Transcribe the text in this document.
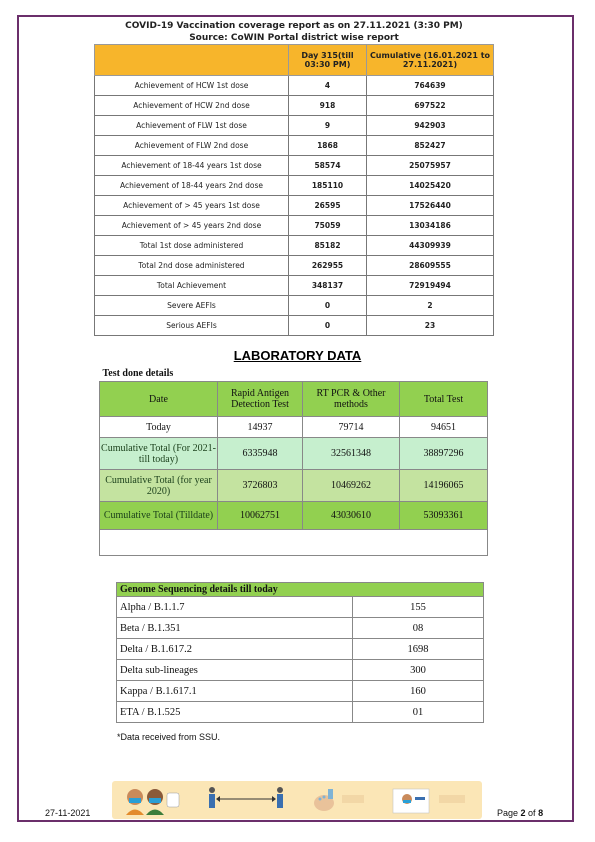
COVID-19 Vaccination coverage report as on 27.11.2021 (3:30 PM)		
Source: CoWIN Portal district wise report		
	Day 315(till 03:30 PM)	Cumulative (16.01.2021 to 27.11.2021)
Achievement of HCW 1st dose	4	764639
Achievement of HCW 2nd dose	918	697522
Achievement of FLW 1st dose	9	942903
Achievement of FLW 2nd dose	1868	852427
Achievement of 18-44 years 1st dose	58574	25075957
Achievement of 18-44 years 2nd dose	185110	14025420
Achievement of > 45 years 1st dose	26595	17526440
Achievement of > 45 years 2nd dose	75059	13034186
Total 1st dose administered	85182	44309939
Total 2nd dose administered	262955	28609555
Total Achievement	348137	72919494
Severe AEFIs	0	2
Serious AEFIs	0	23
LABORATORY DATA
Test done details			
Date	Rapid Antigen Detection Test	RT PCR & Other methods	Total Test
Today	14937	79714	94651
Cumulative Total (For 2021- till today)	6335948	32561348	38897296
Cumulative Total (for year 2020)	3726803	10469262	14196065
Cumulative Total (Tilldate)	10062751	43030610	53093361

Genome Sequencing details till today	
Alpha / B.1.1.7	155
Beta / B.1.351	08
Delta / B.1.617.2	1698
Delta sub-lineages	300
Kappa / B.1.617.1	160
ETA / B.1.525	01
*Data received from SSU.
27-11-2021	Page 2 of 8
